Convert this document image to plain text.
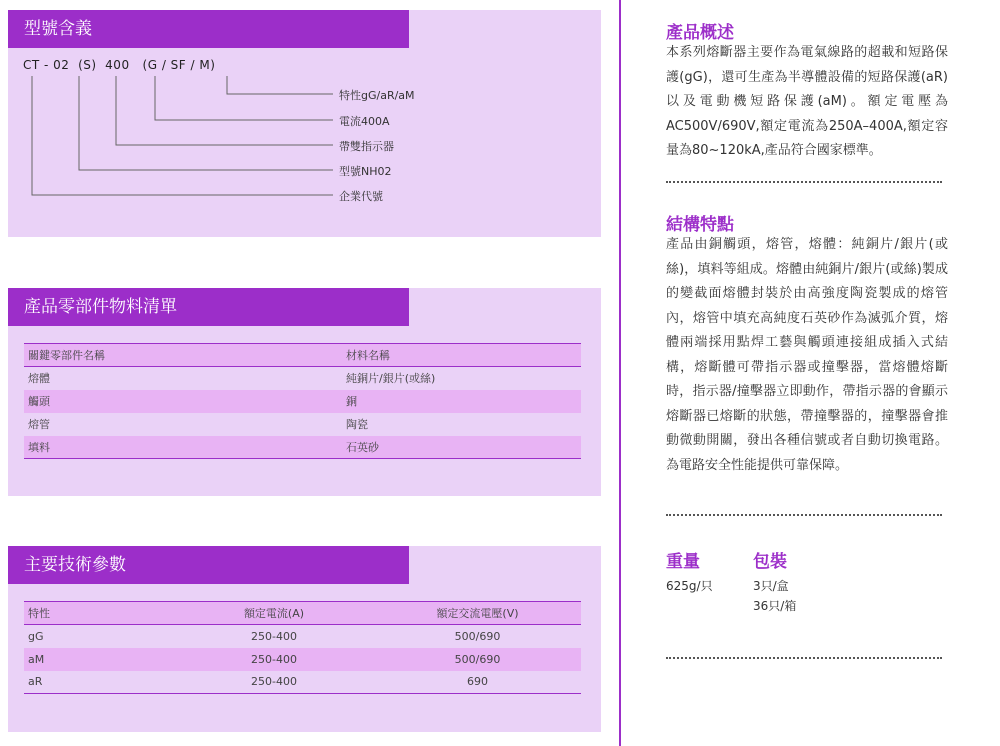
型號含義
CT - 02  (S)  400   (G / SF / M)
特性gG/aR/aM
電流400A
帶雙指示器
型號NH02
企業代號
產品零部件物料清單
關鍵零部件名稱	材料名稱
熔體	純銅片/銀片(或絲)
觸頭	銅
熔管	陶瓷
填料	石英砂
主要技術參數
特性	額定電流(A)	額定交流電壓(V)
gG	250-400	500/690
aM	250-400	500/690
aR	250-400	690
產品概述
本系列熔斷器主要作為電氣線路的超載和短路保護(gG)，還可生產為半導體設備的短路保護(aR)以及電動機短路保護(aM)。額定電壓為AC500V/690V,額定電流為250A–400A,額定容量為80~120kA,產品符合國家標準。
結構特點
產品由銅觸頭，熔管，熔體：純銅片/銀片(或絲)，填料等組成。熔體由純銅片/銀片(或絲)製成的變截面熔體封裝於由高強度陶瓷製成的熔管內，熔管中填充高純度石英砂作為滅弧介質，熔體兩端採用點焊工藝與觸頭連接組成插入式結構，熔斷體可帶指示器或撞擊器，當熔體熔斷時，指示器/撞擊器立即動作，帶指示器的會顯示熔斷器已熔斷的狀態，帶撞擊器的，撞擊器會推動微動開關，發出各種信號或者自動切換電路。為電路安全性能提供可靠保障。
重量	包裝
625g/只	3只/盒
36只/箱
